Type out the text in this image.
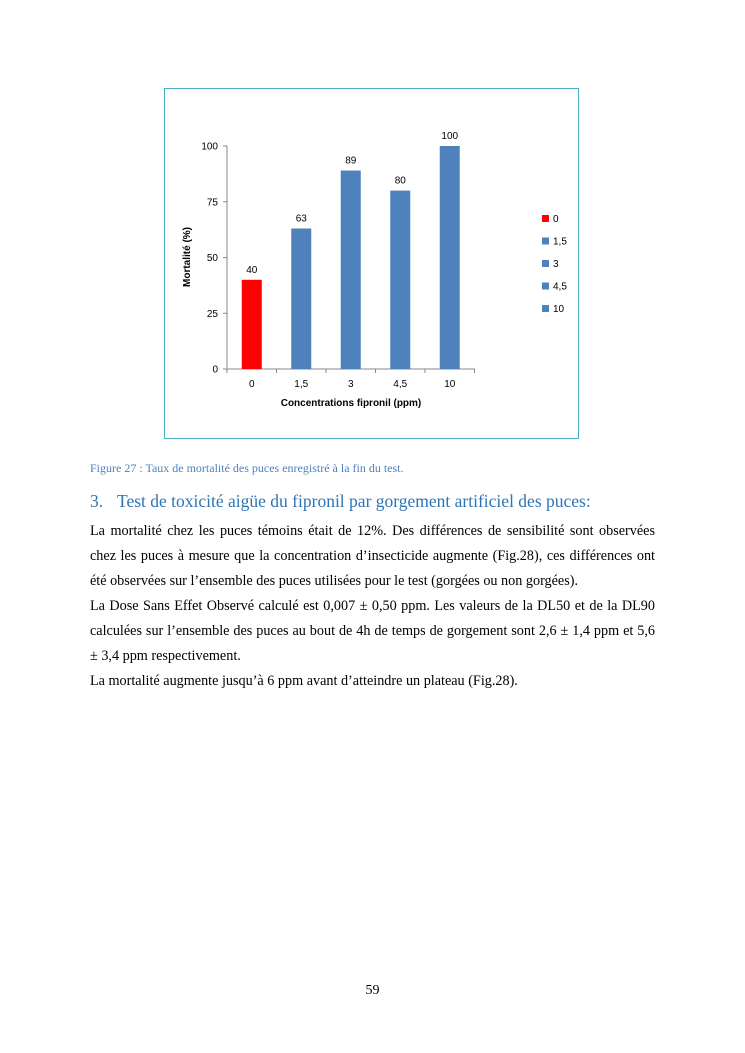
0
25
50
75
100
40
0
63
1,5
89
3
80
4,5
100
10
Concentrations fipronil (ppm)
Mortalité (%)
0
1,5
3
4,5
10
Figure 27 : Taux de mortalité des puces enregistré à la fin du test.
3. Test de toxicité aigüe du fipronil par gorgement artificiel des puces:

La mortalité chez les puces témoins était de 12%. Des différences de sensibilité sont observées chez les puces à mesure que la concentration d’insecticide augmente (Fig.28), ces différences ont été observées sur l’ensemble des puces utilisées pour le test (gorgées ou non gorgées).

La Dose Sans Effet Observé calculé est 0,007 ± 0,50 ppm. Les valeurs de la DL50 et de la DL90 calculées sur l’ensemble des puces au bout de 4h de temps de gorgement sont 2,6 ± 1,4 ppm et 5,6 ± 3,4 ppm respectivement.

La mortalité augmente jusqu’à 6 ppm avant d’atteindre un plateau (Fig.28).

59
